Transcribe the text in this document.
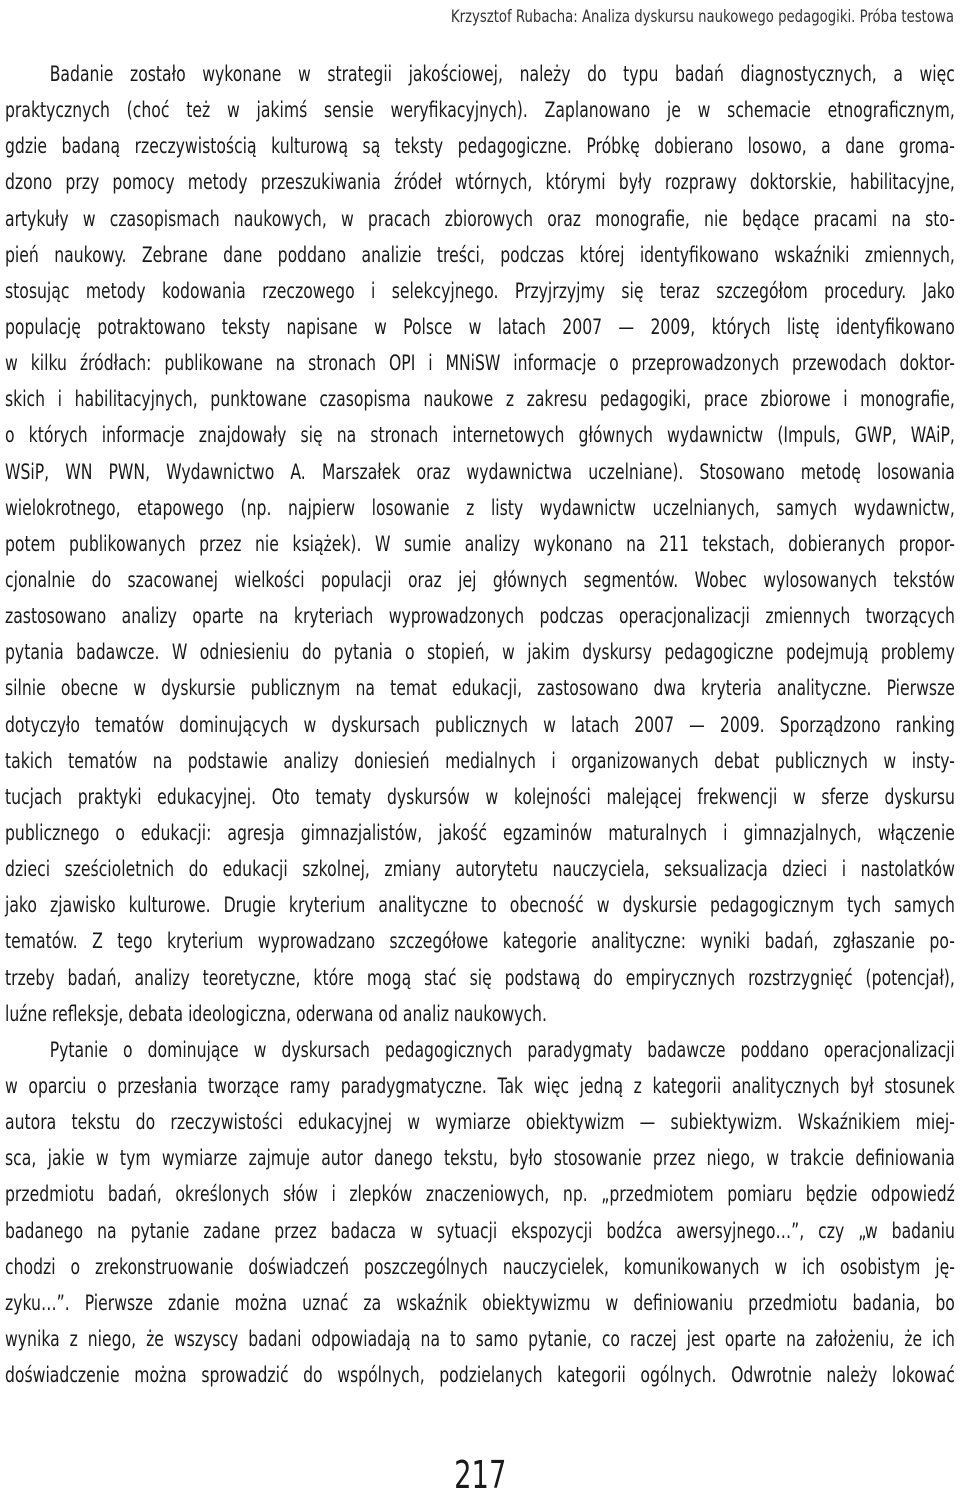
Krzysztof Rubacha: Analiza dyskursu naukowego pedagogiki. Próba testowa
Badanie zostało wykonane w strategii jakościowej, należy do typu badań diagnostycznych, a więc
praktycznych (choć też w jakimś sensie weryfikacyjnych). Zaplanowano je w schemacie etnograficznym,
gdzie badaną rzeczywistością kulturową są teksty pedagogiczne. Próbkę dobierano losowo, a dane groma-
dzono przy pomocy metody przeszukiwania źródeł wtórnych, którymi były rozprawy doktorskie, habilitacyjne,
artykuły w czasopismach naukowych, w pracach zbiorowych oraz monografie, nie będące pracami na sto-
pień naukowy. Zebrane dane poddano analizie treści, podczas której identyfikowano wskaźniki zmiennych,
stosując metody kodowania rzeczowego i selekcyjnego. Przyjrzyjmy się teraz szczegółom procedury. Jako
populację potraktowano teksty napisane w Polsce w latach 2007 — 2009, których listę identyfikowano
w kilku źródłach: publikowane na stronach OPI i MNiSW informacje o przeprowadzonych przewodach doktor-
skich i habilitacyjnych, punktowane czasopisma naukowe z zakresu pedagogiki, prace zbiorowe i monografie,
o których informacje znajdowały się na stronach internetowych głównych wydawnictw (Impuls, GWP, WAiP,
WSiP, WN PWN, Wydawnictwo A. Marszałek oraz wydawnictwa uczelniane). Stosowano metodę losowania
wielokrotnego, etapowego (np. najpierw losowanie z listy wydawnictw uczelnianych, samych wydawnictw,
potem publikowanych przez nie książek). W sumie analizy wykonano na 211 tekstach, dobieranych propor-
cjonalnie do szacowanej wielkości populacji oraz jej głównych segmentów. Wobec wylosowanych tekstów
zastosowano analizy oparte na kryteriach wyprowadzonych podczas operacjonalizacji zmiennych tworzących
pytania badawcze. W odniesieniu do pytania o stopień, w jakim dyskursy pedagogiczne podejmują problemy
silnie obecne w dyskursie publicznym na temat edukacji, zastosowano dwa kryteria analityczne. Pierwsze
dotyczyło tematów dominujących w dyskursach publicznych w latach 2007 — 2009. Sporządzono ranking
takich tematów na podstawie analizy doniesień medialnych i organizowanych debat publicznych w insty-
tucjach praktyki edukacyjnej. Oto tematy dyskursów w kolejności malejącej frekwencji w sferze dyskursu
publicznego o edukacji: agresja gimnazjalistów, jakość egzaminów maturalnych i gimnazjalnych, włączenie
dzieci sześcioletnich do edukacji szkolnej, zmiany autorytetu nauczyciela, seksualizacja dzieci i nastolatków
jako zjawisko kulturowe. Drugie kryterium analityczne to obecność w dyskursie pedagogicznym tych samych
tematów. Z tego kryterium wyprowadzano szczegółowe kategorie analityczne: wyniki badań, zgłaszanie po-
trzeby badań, analizy teoretyczne, które mogą stać się podstawą do empirycznych rozstrzygnięć (potencjał),
luźne refleksje, debata ideologiczna, oderwana od analiz naukowych.
Pytanie o dominujące w dyskursach pedagogicznych paradygmaty badawcze poddano operacjonalizacji
w oparciu o przesłania tworzące ramy paradygmatyczne. Tak więc jedną z kategorii analitycznych był stosunek
autora tekstu do rzeczywistości edukacyjnej w wymiarze obiektywizm — subiektywizm. Wskaźnikiem miej-
sca, jakie w tym wymiarze zajmuje autor danego tekstu, było stosowanie przez niego, w trakcie definiowania
przedmiotu badań, określonych słów i zlepków znaczeniowych, np. „przedmiotem pomiaru będzie odpowiedź
badanego na pytanie zadane przez badacza w sytuacji ekspozycji bodźca awersyjnego…”, czy „w badaniu
chodzi o zrekonstruowanie doświadczeń poszczególnych nauczycielek, komunikowanych w ich osobistym ję-
zyku…”. Pierwsze zdanie można uznać za wskaźnik obiektywizmu w definiowaniu przedmiotu badania, bo
wynika z niego, że wszyscy badani odpowiadają na to samo pytanie, co raczej jest oparte na założeniu, że ich
doświadczenie można sprowadzić do wspólnych, podzielanych kategorii ogólnych. Odwrotnie należy lokować
217
